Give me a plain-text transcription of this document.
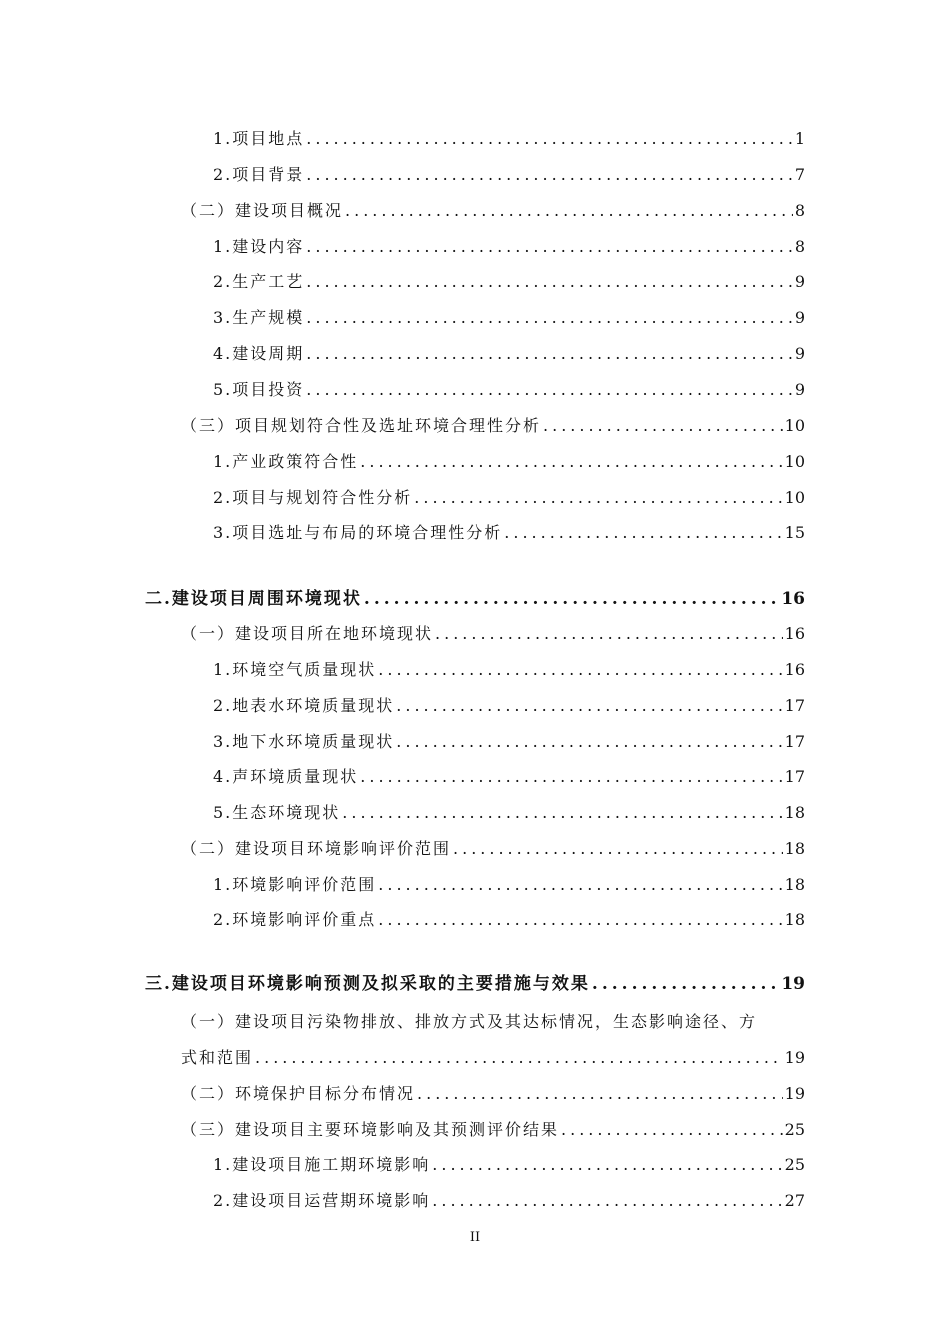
1.项目地点 .....	1
2.项目背景 .....	7
（二）建设项目概况 .....	8
1.建设内容 .....	8
2.生产工艺 .....	9
3.生产规模 .....	9
4.建设周期 .....	9
5.项目投资 .....	9
（三）项目规划符合性及选址环境合理性分析 .....	10
1.产业政策符合性 .....	10
2.项目与规划符合性分析 .....	10
3.项目选址与布局的环境合理性分析 .....	15
二.建设项目周围环境现状 .....	16
（一）建设项目所在地环境现状 .....	16
1.环境空气质量现状 .....	16
2.地表水环境质量现状 .....	17
3.地下水环境质量现状 .....	17
4.声环境质量现状 .....	17
5.生态环境现状 .....	18
（二）建设项目环境影响评价范围 .....	18
1.环境影响评价范围 .....	18
2.环境影响评价重点 .....	18
三.建设项目环境影响预测及拟采取的主要措施与效果 .....	19
（一）建设项目污染物排放、排放方式及其达标情况，生态影响途径、方
式和范围 .....	19
（二）环境保护目标分布情况 .....	19
（三）建设项目主要环境影响及其预测评价结果 .....	25
1.建设项目施工期环境影响 .....	25
2.建设项目运营期环境影响 .....	27
II
